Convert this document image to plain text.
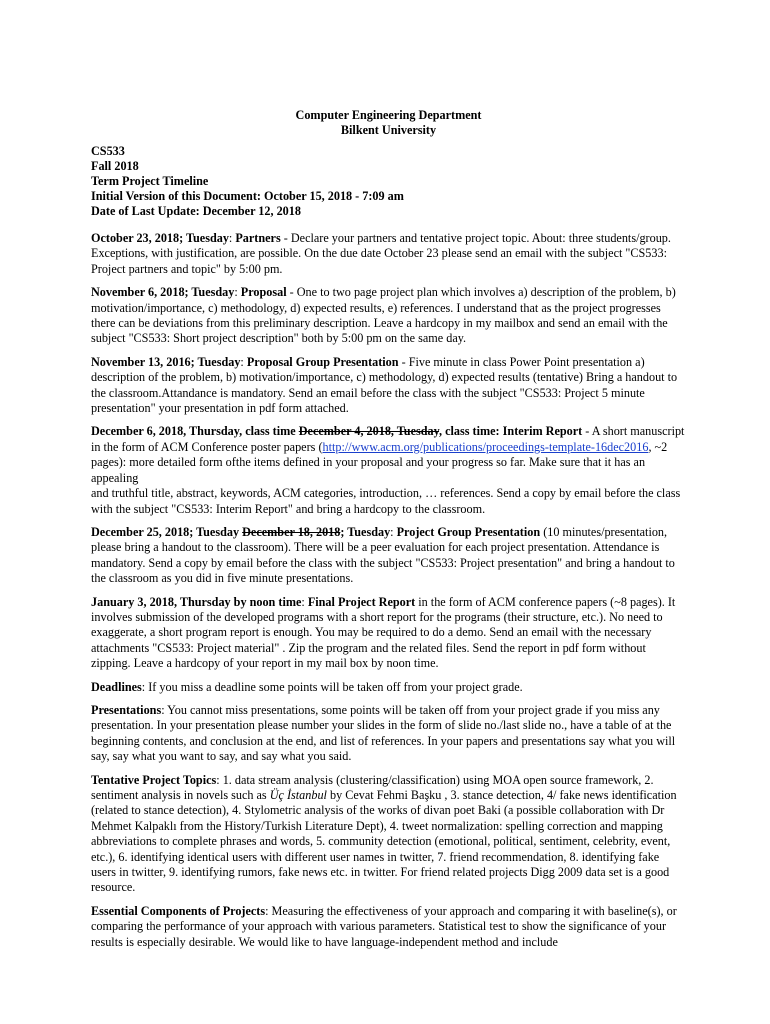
Computer Engineering Department
Bilkent University
CS533
Fall 2018
Term Project Timeline
Initial Version of this Document: October 15, 2018 - 7:09 am
Date of Last Update: December 12, 2018

October 23, 2018; Tuesday: Partners - Declare your partners and tentative project topic. About: three students/group. Exceptions, with justification, are possible. On the due date October 23 please send an email with the subject "CS533: Project partners and topic" by 5:00 pm.

November 6, 2018; Tuesday: Proposal - One to two page project plan which involves a) description of the problem, b) motivation/importance, c) methodology, d) expected results, e) references. I understand that as the project progresses there can be deviations from this preliminary description. Leave a hardcopy in my mailbox and send an email with the subject "CS533: Short project description" both by 5:00 pm on the same day.

November 13, 2016; Tuesday: Proposal Group Presentation - Five minute in class Power Point presentation a) description of the problem, b) motivation/importance, c) methodology, d) expected results (tentative) Bring a handout to the classroom.Attandance is mandatory. Send an email before the class with the subject "CS533: Project 5 minute presentation" your presentation in pdf form attached.

December 6, 2018, Thursday, class time December 4, 2018, Tuesday, class time: Interim Report - A short manuscript in the form of ACM Conference poster papers (http://www.acm.org/publications/proceedings-template-16dec2016, ~2 pages): more detailed form ofthe items defined in your proposal and your progress so far. Make sure that it has an appealing
and truthful title, abstract, keywords, ACM categories, introduction, … references. Send a copy by email before the class with the subject "CS533: Interim Report" and bring a hardcopy to the classroom.

December 25, 2018; Tuesday December 18, 2018; Tuesday: Project Group Presentation (10 minutes/presentation, please bring a handout to the classroom). There will be a peer evaluation for each project presentation. Attendance is mandatory. Send a copy by email before the class with the subject "CS533: Project presentation" and bring a handout to the classroom as you did in five minute presentations.

January 3, 2018, Thursday by noon time: Final Project Report in the form of ACM conference papers (~8 pages). It involves submission of the developed programs with a short report for the programs (their structure, etc.). No need to exaggerate, a short program report is enough. You may be required to do a demo. Send an email with the necessary attachments "CS533: Project material" . Zip the program and the related files. Send the report in pdf form without zipping. Leave a hardcopy of your report in my mail box by noon time.

Deadlines: If you miss a deadline some points will be taken off from your project grade.

Presentations: You cannot miss presentations, some points will be taken off from your project grade if you miss any presentation. In your presentation please number your slides in the form of slide no./last slide no., have a table of at the beginning contents, and conclusion at the end, and list of references. In your papers and presentations say what you will say, say what you want to say, and say what you said.

Tentative Project Topics: 1. data stream analysis (clustering/classification) using MOA open source framework, 2. sentiment analysis in novels such as Üç İstanbul by Cevat Fehmi Başku , 3. stance detection, 4/ fake news identification (related to stance detection), 4. Stylometric analysis of the works of divan poet Baki (a possible collaboration with Dr Mehmet Kalpaklı from the History/Turkish Literature Dept), 4. tweet normalization: spelling correction and mapping abbreviations to complete phrases and words, 5. community detection (emotional, political, sentiment, celebrity, event, etc.), 6. identifying identical users with different user names in twitter, 7. friend recommendation, 8. identifying fake users in twitter, 9. identifying rumors, fake news etc. in twitter. For friend related projects Digg 2009 data set is a good resource.

Essential Components of Projects: Measuring the effectiveness of your approach and comparing it with baseline(s), or comparing the performance of your approach with various parameters. Statistical test to show the significance of your results is especially desirable. We would like to have language-independent method and include
